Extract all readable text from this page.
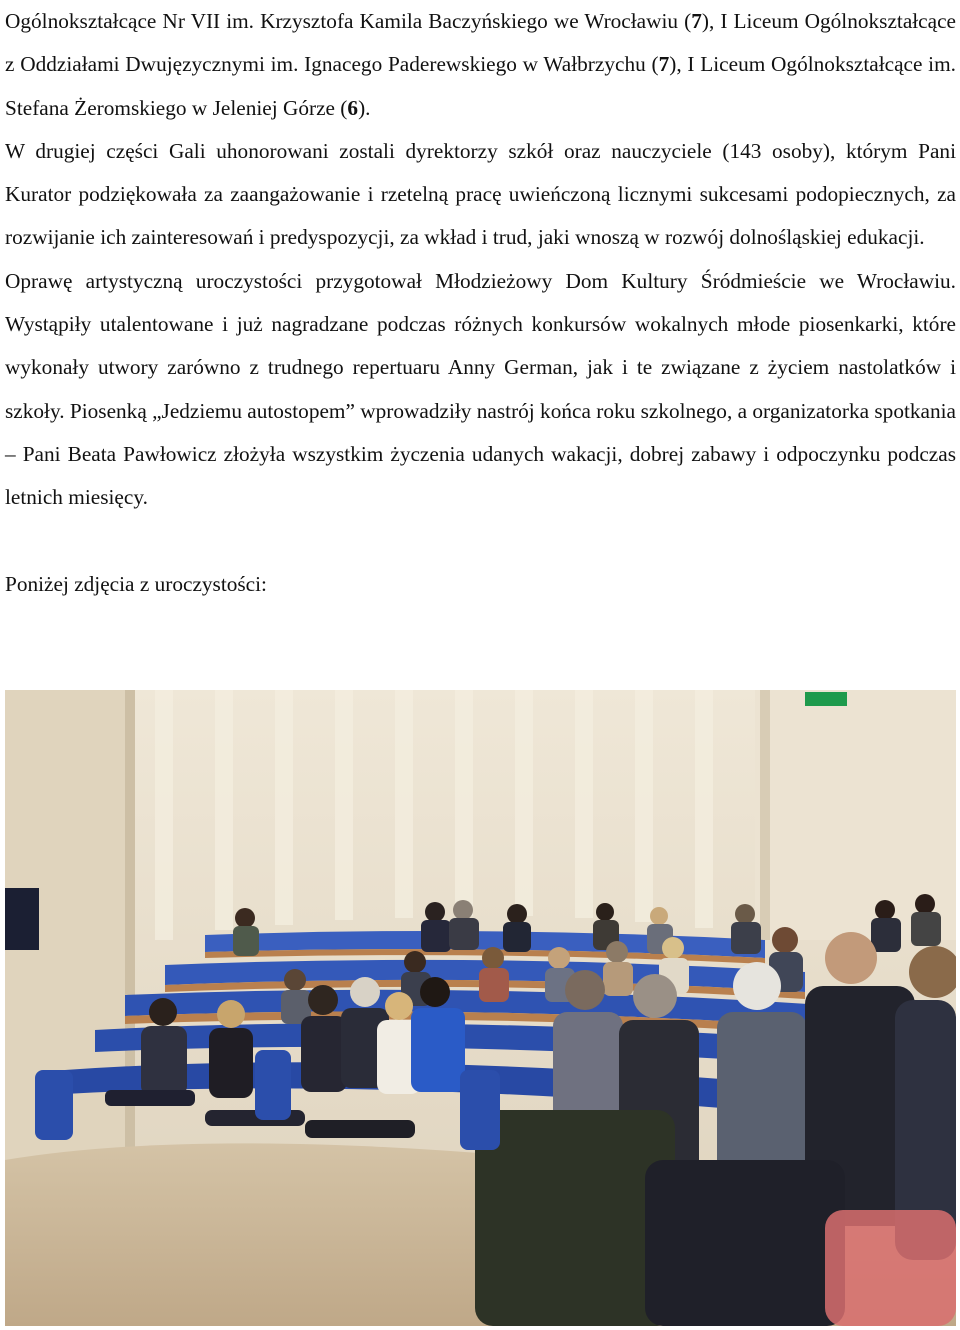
Ogólnokształcące Nr VII im. Krzysztofa Kamila Baczyńskiego we Wrocławiu (7), I Liceum Ogólnokształcące z Oddziałami Dwujęzycznymi im. Ignacego Paderewskiego w Wałbrzychu (7), I Liceum Ogólnokształcące im. Stefana Żeromskiego w Jeleniej Górze (6).

W drugiej części Gali uhonorowani zostali dyrektorzy szkół oraz nauczyciele (143 osoby), którym Pani Kurator podziękowała za zaangażowanie i rzetelną pracę uwieńczoną licznymi sukcesami podopiecznych, za rozwijanie ich zainteresowań i predyspozycji, za wkład i trud, jaki wnoszą w rozwój dolnośląskiej edukacji.

Oprawę artystyczną uroczystości przygotował Młodzieżowy Dom Kultury Śródmieście we Wrocławiu. Wystąpiły utalentowane i już nagradzane podczas różnych konkursów wokalnych młode piosenkarki, które wykonały utwory zarówno z trudnego repertuaru Anny German, jak i te związane z życiem nastolatków i szkoły. Piosenką „Jedziemu autostopem” wprowadziły nastrój końca roku szkolnego, a organizatorka spotkania – Pani Beata Pawłowicz złożyła wszystkim życzenia udanych wakacji, dobrej zabawy i odpoczynku podczas letnich miesięcy.

Poniżej zdjęcia z uroczystości:
